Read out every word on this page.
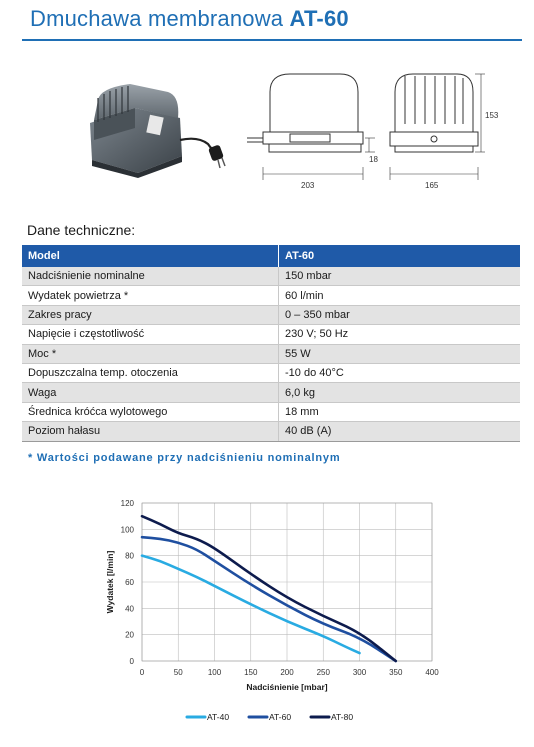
Dmuchawa membranowa AT-60
203	165
153
18
Dane techniczne:
Model	AT-60
Nadciśnienie nominalne	150 mbar
Wydatek powietrza *	60 l/min
Zakres pracy	0 – 350 mbar
Napięcie i częstotliwość	230 V; 50 Hz
Moc *	55 W
Dopuszczalna temp. otoczenia	-10 do 40°C
Waga	6,0 kg
Średnica króćca wylotowego	18 mm
Poziom hałasu	40 dB (A)
* Wartości podawane przy nadciśnieniu nominalnym
0	50	100	150	200	250	300	350	400
0
20
40
60
80
100
120
Nadciśnienie [mbar]
Wydatek [l/min]
AT-40	AT-60	AT-80
